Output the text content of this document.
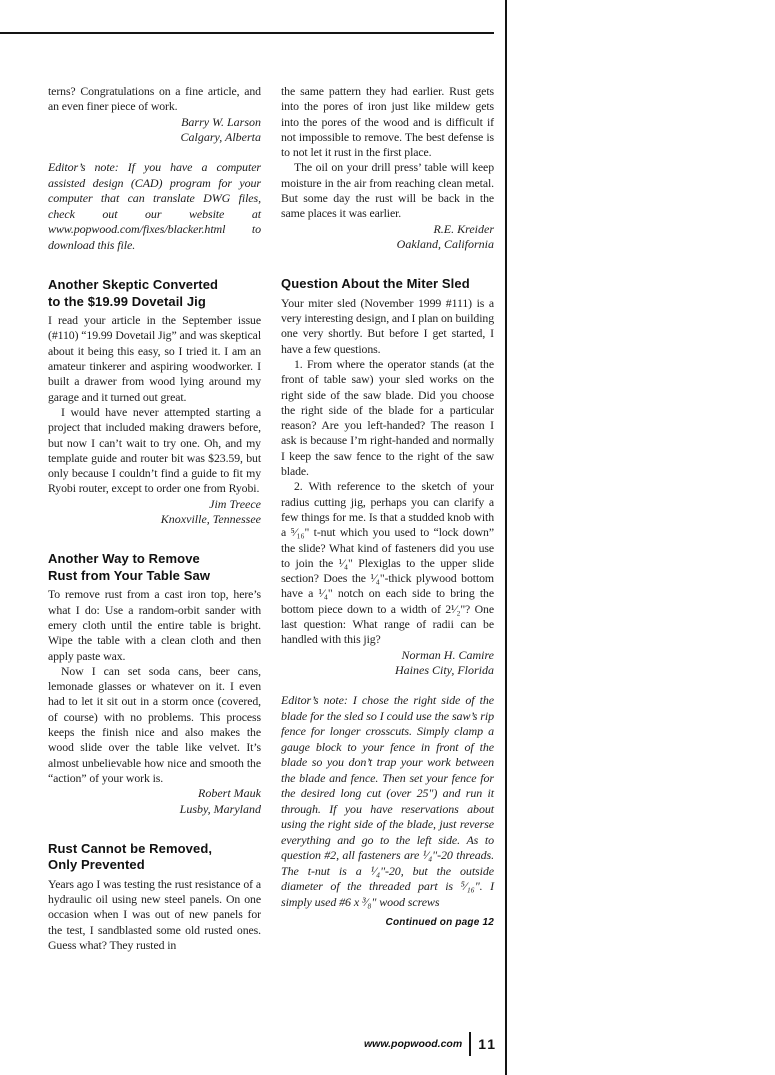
terns? Congratulations on a fine article, and an even finer piece of work.
Barry W. Larson
Calgary, Alberta
Editor’s note: If you have a computer assisted design (CAD) program for your computer that can translate DWG files, check out our website at www.popwood.com/fixes/blacker.html to download this file.
Another Skeptic Converted
to the $19.99 Dovetail Jig
I read your article in the September issue (#110) “19.99 Dovetail Jig” and was skeptical about it being this easy, so I tried it. I am an amateur tinkerer and aspiring woodworker. I built a drawer from wood lying around my garage and it turned out great.
I would have never attempted starting a project that included making drawers before, but now I can’t wait to try one. Oh, and my template guide and router bit was $23.59, but only because I couldn’t find a guide to fit my Ryobi router, except to order one from Ryobi.
Jim Treece
Knoxville, Tennessee
Another Way to Remove
Rust from Your Table Saw
To remove rust from a cast iron top, here’s what I do: Use a random-orbit sander with emery cloth until the entire table is bright. Wipe the table with a clean cloth and then apply paste wax.
Now I can set soda cans, beer cans, lemonade glasses or whatever on it. I even had to let it sit out in a storm once (covered, of course) with no problems. This process keeps the finish nice and also makes the wood slide over the table like velvet. It’s almost unbelievable how nice and smooth the “action” of your work is.
Robert Mauk
Lusby, Maryland
Rust Cannot be Removed,
Only Prevented
Years ago I was testing the rust resistance of a hydraulic oil using new steel panels. On one occasion when I was out of new panels for the test, I sandblasted some old rusted ones. Guess what? They rusted in
the same pattern they had earlier. Rust gets into the pores of iron just like mildew gets into the pores of the wood and is difficult if not impossible to remove. The best defense is to not let it rust in the first place.
The oil on your drill press’ table will keep moisture in the air from reaching clean metal. But some day the rust will be back in the same places it was earlier.
R.E. Kreider
Oakland, California
Question About the Miter Sled
Your miter sled (November 1999 #111) is a very interesting design, and I plan on building one very shortly. But before I get started, I have a few questions.
1. From where the operator stands (at the front of table saw) your sled works on the right side of the saw blade. Did you choose the right side of the blade for a particular reason? Are you left-handed? The reason I ask is because I’m right-handed and normally I keep the saw fence to the right of the saw blade.
2. With reference to the sketch of your radius cutting jig, perhaps you can clarify a few things for me. Is that a studded knob with a ⁵⁄₁₆" t-nut which you used to “lock down” the slide? What kind of fasteners did you use to join the ¹⁄₄" Plexiglas to the upper slide section? Does the ¹⁄₄"-thick plywood bottom have a ¹⁄₄" notch on each side to bring the bottom piece down to a width of 2¹⁄₂"? One last question: What range of radii can be handled with this jig?
Norman H. Camire
Haines City, Florida
Editor’s note: I chose the right side of the blade for the sled so I could use the saw’s rip fence for longer crosscuts. Simply clamp a gauge block to your fence in front of the blade so you don’t trap your work between the blade and fence. Then set your fence for the desired long cut (over 25") and run it through. If you have reservations about using the right side of the blade, just reverse everything and go to the left side. As to question #2, all fasteners are ¹⁄₄"-20 threads. The t-nut is a ¹⁄₄"-20, but the outside diameter of the threaded part is ⁵⁄₁₆". I simply used #6 x ³⁄₈" wood screws
Continued on page 12
www.popwood.com 11
